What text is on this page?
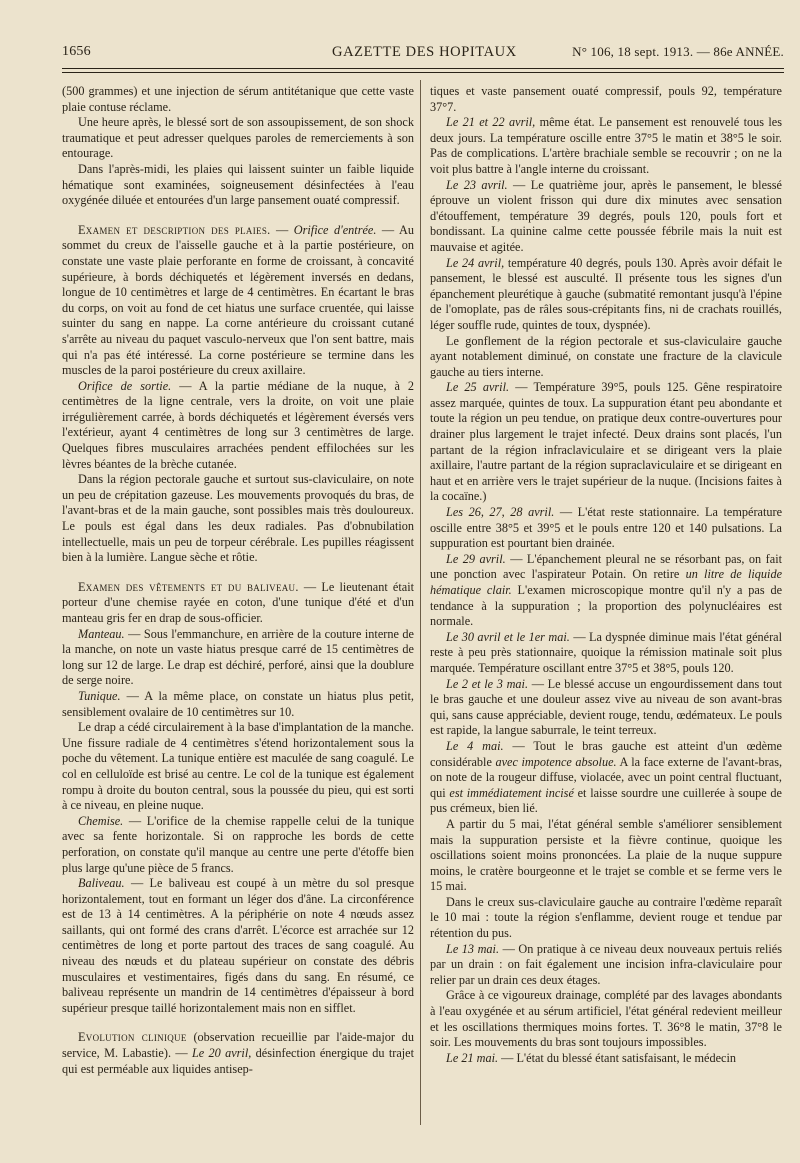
1656	GAZETTE DES HOPITAUX	N° 106, 18 sept. 1913. — 86e ANNÉE.

(500 grammes) et une injection de sérum antitétanique que cette vaste plaie contuse réclame.

Une heure après, le blessé sort de son assoupissement, de son shock traumatique et peut adresser quelques paroles de remerciements à son entourage.

Dans l'après-midi, les plaies qui laissent suinter un faible liquide hématique sont examinées, soigneusement désinfectées à l'eau oxygénée diluée et entourées d'un large pansement ouaté compressif.

Examen et description des plaies. — Orifice d'entrée. — Au sommet du creux de l'aisselle gauche et à la partie postérieure, on constate une vaste plaie perforante en forme de croissant, à concavité supérieure, à bords déchiquetés et légèrement inversés en dedans, longue de 10 centimètres et large de 4 centimètres. En écartant le bras du corps, on voit au fond de cet hiatus une surface cruentée, qui laisse suinter du sang en nappe. La corne antérieure du croissant cutané s'arrête au niveau du paquet vasculo-nerveux que l'on sent battre, mais qui n'a pas été intéressé. La corne postérieure se termine dans les muscles de la paroi postérieure du creux axillaire.

Orifice de sortie. — A la partie médiane de la nuque, à 2 centimètres de la ligne centrale, vers la droite, on voit une plaie irrégulièrement carrée, à bords déchiquetés et légèrement éversés vers l'extérieur, ayant 4 centimètres de long sur 3 centimètres de large. Quelques fibres musculaires arrachées pendent effilochées sur les lèvres béantes de la brèche cutanée.

Dans la région pectorale gauche et surtout sus-claviculaire, on note un peu de crépitation gazeuse. Les mouvements provoqués du bras, de l'avant-bras et de la main gauche, sont possibles mais très douloureux. Le pouls est égal dans les deux radiales. Pas d'obnubilation intellectuelle, mais un peu de torpeur cérébrale. Les pupilles réagissent bien à la lumière. Langue sèche et rôtie.

Examen des vêtements et du baliveau. — Le lieutenant était porteur d'une chemise rayée en coton, d'une tunique d'été et d'un manteau gris fer en drap de sous-officier.

Manteau. — Sous l'emmanchure, en arrière de la couture interne de la manche, on note un vaste hiatus presque carré de 15 centimètres de long sur 12 de large. Le drap est déchiré, perforé, ainsi que la doublure de serge noire.

Tunique. — A la même place, on constate un hiatus plus petit, sensiblement ovalaire de 10 centimètres sur 10.

Le drap a cédé circulairement à la base d'implantation de la manche. Une fissure radiale de 4 centimètres s'étend horizontalement sous la poche du vêtement. La tunique entière est maculée de sang coagulé. Le col en celluloïde est brisé au centre. Le col de la tunique est également rompu à droite du bouton central, sous la poussée du pieu, qui est sorti à ce niveau, en pleine nuque.

Chemise. — L'orifice de la chemise rappelle celui de la tunique avec sa fente horizontale. Si on rapproche les bords de cette perforation, on constate qu'il manque au centre une perte d'étoffe bien plus large qu'une pièce de 5 francs.

Baliveau. — Le baliveau est coupé à un mètre du sol presque horizontalement, tout en formant un léger dos d'âne. La circonférence est de 13 à 14 centimètres. A la périphérie on note 4 nœuds assez saillants, qui ont formé des crans d'arrêt. L'écorce est arrachée sur 12 centimètres de long et porte partout des traces de sang coagulé. Au niveau des nœuds et du plateau supérieur on constate des débris musculaires et vestimentaires, figés dans du sang. En résumé, ce baliveau représente un mandrin de 14 centimètres d'épaisseur à bord supérieur presque taillé horizontalement mais non en sifflet.

Evolution clinique (observation recueillie par l'aide-major du service, M. Labastie). — Le 20 avril, désinfection énergique du trajet qui est perméable aux liquides antisep-

tiques et vaste pansement ouaté compressif, pouls 92, température 37°7.

Le 21 et 22 avril, même état. Le pansement est renouvelé tous les deux jours. La température oscille entre 37°5 le matin et 38°5 le soir. Pas de complications. L'artère brachiale semble se recouvrir ; on ne la voit plus battre à l'angle interne du croissant.

Le 23 avril. — Le quatrième jour, après le pansement, le blessé éprouve un violent frisson qui dure dix minutes avec sensation d'étouffement, température 39 degrés, pouls 120, pouls fort et bondissant. La quinine calme cette poussée fébrile mais la nuit est mauvaise et agitée.

Le 24 avril, température 40 degrés, pouls 130. Après avoir défait le pansement, le blessé est ausculté. Il présente tous les signes d'un épanchement pleurétique à gauche (submatité remontant jusqu'à l'épine de l'omoplate, pas de râles sous-crépitants fins, ni de crachats rouillés, léger souffle rude, quintes de toux, dyspnée).

Le gonflement de la région pectorale et sus-claviculaire gauche ayant notablement diminué, on constate une fracture de la clavicule gauche au tiers interne.

Le 25 avril. — Température 39°5, pouls 125. Gêne respiratoire assez marquée, quintes de toux. La suppuration étant peu abondante et toute la région un peu tendue, on pratique deux contre-ouvertures pour drainer plus largement le trajet infecté. Deux drains sont placés, l'un partant de la région infraclaviculaire et se dirigeant vers la plaie axillaire, l'autre partant de la région supraclaviculaire et se dirigeant en haut et en arrière vers le trajet supérieur de la nuque. (Incisions faites à la cocaïne.)

Les 26, 27, 28 avril. — L'état reste stationnaire. La température oscille entre 38°5 et 39°5 et le pouls entre 120 et 140 pulsations. La suppuration est pourtant bien drainée.

Le 29 avril. — L'épanchement pleural ne se résorbant pas, on fait une ponction avec l'aspirateur Potain. On retire un litre de liquide hématique clair. L'examen microscopique montre qu'il n'y a pas de tendance à la suppuration ; la proportion des polynucléaires est normale.

Le 30 avril et le 1er mai. — La dyspnée diminue mais l'état général reste à peu près stationnaire, quoique la rémission matinale soit plus marquée. Température oscillant entre 37°5 et 38°5, pouls 120.

Le 2 et le 3 mai. — Le blessé accuse un engourdissement dans tout le bras gauche et une douleur assez vive au niveau de son avant-bras qui, sans cause appréciable, devient rouge, tendu, œdémateux. Le pouls est rapide, la langue saburrale, le teint terreux.

Le 4 mai. — Tout le bras gauche est atteint d'un œdème considérable avec impotence absolue. A la face externe de l'avant-bras, on note de la rougeur diffuse, violacée, avec un point central fluctuant, qui est immédiatement incisé et laisse sourdre une cuillerée à soupe de pus crémeux, bien lié.

A partir du 5 mai, l'état général semble s'améliorer sensiblement mais la suppuration persiste et la fièvre continue, quoique les oscillations soient moins prononcées. La plaie de la nuque suppure moins, le cratère bourgeonne et le trajet se comble et se ferme vers le 15 mai.

Dans le creux sus-claviculaire gauche au contraire l'œdème reparaît le 10 mai : toute la région s'enflamme, devient rouge et tendue par rétention du pus.

Le 13 mai. — On pratique à ce niveau deux nouveaux pertuis reliés par un drain : on fait également une incision infra-claviculaire pour relier par un drain ces deux étages.

Grâce à ce vigoureux drainage, complété par des lavages abondants à l'eau oxygénée et au sérum artificiel, l'état général redevient meilleur et les oscillations thermiques moins fortes. T. 36°8 le matin, 37°8 le soir. Les mouvements du bras sont toujours impossibles.

Le 21 mai. — L'état du blessé étant satisfaisant, le médecin
